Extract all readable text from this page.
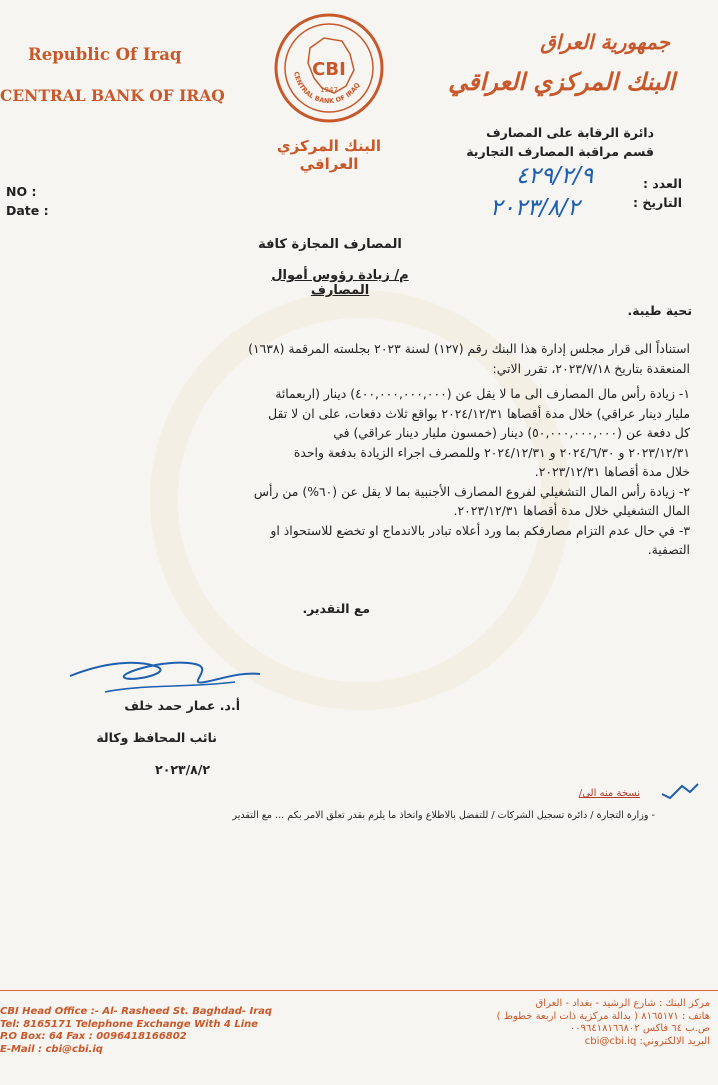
Republic Of Iraq
CENTRAL BANK OF IRAQ
CBI
1947
CENTRAL BANK OF IRAQ
البنك المركزي العراقي
جمهورية العراق
البنك المركزي العراقي
دائرة الرقابة على المصارف
قسم مراقبة المصارف التجارية
NO :
Date :
العدد :
التاريخ :
٤٢٩/٢/٩
٢٠٢٣/٨/٢
المصارف المجازة كافة
م/ زيادة رؤوس أموال المصارف
تحية طيبة.
استناداً الى قرار مجلس إدارة هذا البنك رقم (١٢٧) لسنة ٢٠٢٣ بجلسته المرقمة (١٦٣٨)
المنعقدة بتاريخ ٢٠٢٣/٧/١٨، تقرر الاتي:
١- زيادة رأس مال المصارف الى ما لا يقل عن (٤٠٠,٠٠٠,٠٠٠,٠٠٠) دينار (اربعمائة
مليار دينار عراقي) خلال مدة أقصاها ٢٠٢٤/١٢/٣١ بواقع ثلاث دفعات، على ان لا تقل
كل دفعة عن (٥٠,٠٠٠,٠٠٠,٠٠٠) دينار (خمسون مليار دينار عراقي) في
٢٠٢٣/١٢/٣١ و ٢٠٢٤/٦/٣٠ و ٢٠٢٤/١٢/٣١ وللمصرف اجراء الزيادة بدفعة واحدة
خلال مدة أقصاها ٢٠٢٣/١٢/٣١.
٢- زيادة رأس المال التشغيلي لفروع المصارف الأجنبية بما لا يقل عن (٦٠%) من رأس
المال التشغيلي خلال مدة أقصاها ٢٠٢٣/١٢/٣١.
٣- في حال عدم التزام مصارفكم بما ورد أعلاه تبادر بالاندماج او تخضع للاستحواذ او
التصفية.
مع التقدير.
أ.د. عمار حمد خلف
نائب المحافظ وكالة
٢٠٢٣/٨/٢
نسخة منه الى/
- وزارة التجارة / دائرة تسجيل الشركات / للتفضل بالاطلاع واتخاذ ما يلزم بقدر تعلق الامر بكم ... مع التقدير
CBI Head Office :- Al- Rasheed St. Baghdad- Iraq
Tel: 8165171 Telephone Exchange With 4 Line
P.O Box: 64 Fax : 0096418166802
E-Mail : cbi@cbi.iq
مركز البنك : شارع الرشيد - بغداد - العراق
هاتف : ٨١٦٥١٧١ ( بدالة مركزية ذات اربعة خطوط )
ص.ب ٦٤ فاكس ٠٠٩٦٤١٨١٦٦٨٠٢
البريد الالكتروني: cbi@cbi.iq
